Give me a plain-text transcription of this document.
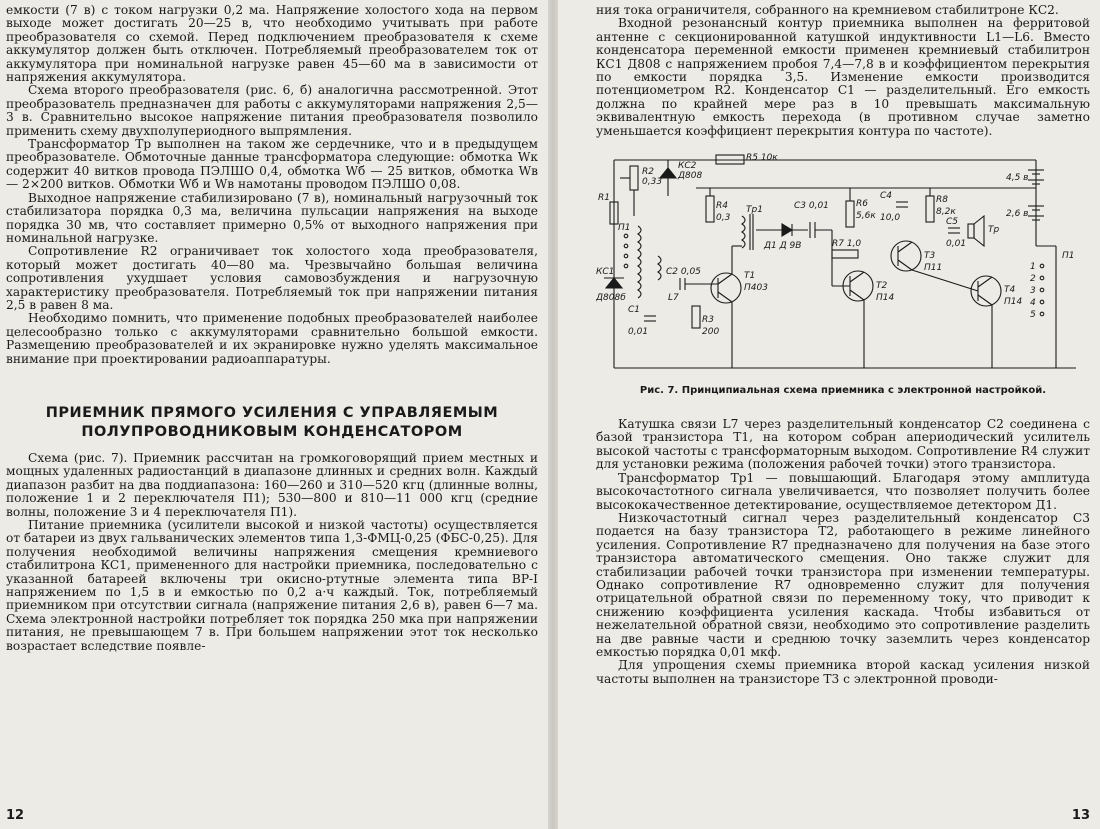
емкости (7 в) с током нагрузки 0,2 ма. Напряжение холостого хода на первом выходе может достигать 20—25 в, что необходимо учитывать при работе преобразователя со схемой. Перед подключением преобразователя к схеме аккумулятор должен быть отключен. Потребляемый преобразователем ток от аккумулятора при номинальной нагрузке равен 45—60 ма в зависимости от напряжения аккумулятора.

Схема второго преобразователя (рис. 6, б) аналогична рассмотренной. Этот преобразователь предназначен для работы с аккумуляторами напряжения 2,5—3 в. Сравнительно высокое напряжение питания преобразователя позволило применить схему двухполупериодного выпрямления.

Трансформатор Тр выполнен на таком же сердечнике, что и в предыдущем преобразователе. Обмоточные данные трансформатора следующие: обмотка Wк содержит 40 витков провода ПЭЛШО 0,4, обмотка Wб — 25 витков, обмотка Wв — 2×200 витков. Обмотки Wб и Wв намотаны проводом ПЭЛШО 0,08.

Выходное напряжение стабилизировано (7 в), номинальный нагрузочный ток стабилизатора порядка 0,3 ма, величина пульсации напряжения на выходе порядка 30 мв, что составляет примерно 0,5% от выходного напряжения при номинальной нагрузке.

Сопротивление R2 ограничивает ток холостого хода преобразователя, который может достигать 40—80 ма. Чрезвычайно большая величина сопротивления ухудшает условия самовозбуждения и нагрузочную характеристику преобразователя. Потребляемый ток при напряжении питания 2,5 в равен 8 ма.

Необходимо помнить, что применение подобных преобразователей наиболее целесообразно только с аккумуляторами сравнительно большой емкости. Размещению преобразователей и их экранировке нужно уделять максимальное внимание при проектировании радиоаппаратуры.

ПРИЕМНИК ПРЯМОГО УСИЛЕНИЯ С УПРАВЛЯЕМЫМ ПОЛУПРОВОДНИКОВЫМ КОНДЕНСАТОРОМ

Схема (рис. 7). Приемник рассчитан на громкоговорящий прием местных и мощных удаленных радиостанций в диапазоне длинных и средних волн. Каждый диапазон разбит на два поддиапазона: 160—260 и 310—520 кгц (длинные волны, положение 1 и 2 переключателя П1); 530—800 и 810—11 000 кгц (средние волны, положение 3 и 4 переключателя П1).

Питание приемника (усилители высокой и низкой частоты) осуществляется от батареи из двух гальванических элементов типа 1,3-ФМЦ-0,25 (ФБС-0,25). Для получения необходимой величины напряжения смещения кремниевого стабилитрона КС1, примененного для настройки приемника, последовательно с указанной батареей включены три окисно-ртутные элемента типа ВР-I напряжением по 1,5 в и емкостью по 0,2 а·ч каждый. Ток, потребляемый приемником при отсутствии сигнала (напряжение питания 2,6 в), равен 6—7 ма. Схема электронной настройки потребляет ток порядка 250 мка при напряжении питания, не превышающем 7 в. При большем напряжении этот ток несколько возрастает вследствие появле-

12

ния тока ограничителя, собранного на кремниевом стабилитроне КС2.

Входной резонансный контур приемника выполнен на ферритовой антенне с секционированной катушкой индуктивности L1—L6. Вместо конденсатора переменной емкости применен кремниевый стабилитрон КС1 Д808 с напряжением пробоя 7,4—7,8 в и коэффициентом перекрытия по емкости порядка 3,5. Изменение емкости производится потенциометром R2. Конденсатор С1 — разделительный. Его емкость должна по крайней мере раз в 10 превышать максимальную эквивалентную емкость перехода (в противном случае заметно уменьшается коэффициент перекрытия контура по частоте).

R2
0,33
КС2
Д808
R5 10к
R1
П1
КС1
Д808б
С1
0,01
L7
С2 0,05
R3
200
R4
0,3
Тр1	С3 0,01
Д1 Д 9В
Т1
П403
R6
5,6к
R7 1,0
Т2
П14
С4
10,0
R8
8,2к
С5
0,01
Тр
Т3
П11
Т4
П14
4,5 в
2,6 в
П1
1
2
3
4
5
Рис. 7. Принципиальная схема приемника с электронной настройкой.

Катушка связи L7 через разделительный конденсатор С2 соединена с базой транзистора Т1, на котором собран апериодический усилитель высокой частоты с трансформаторным выходом. Сопротивление R4 служит для установки режима (положения рабочей точки) этого транзистора.

Трансформатор Тр1 — повышающий. Благодаря этому амплитуда высокочастотного сигнала увеличивается, что позволяет получить более высококачественное детектирование, осуществляемое детектором Д1.

Низкочастотный сигнал через разделительный конденсатор С3 подается на базу транзистора Т2, работающего в режиме линейного усиления. Сопротивление R7 предназначено для получения на базе этого транзистора автоматического смещения. Оно также служит для стабилизации рабочей точки транзистора при изменении температуры. Однако сопротивление R7 одновременно служит для получения отрицательной обратной связи по переменному току, что приводит к снижению коэффициента усиления каскада. Чтобы избавиться от нежелательной обратной связи, необходимо это сопротивление разделить на две равные части и среднюю точку заземлить через конденсатор емкостью порядка 0,01 мкф.

Для упрощения схемы приемника второй каскад усиления низкой частоты выполнен на транзисторе Т3 с электронной проводи-

13
